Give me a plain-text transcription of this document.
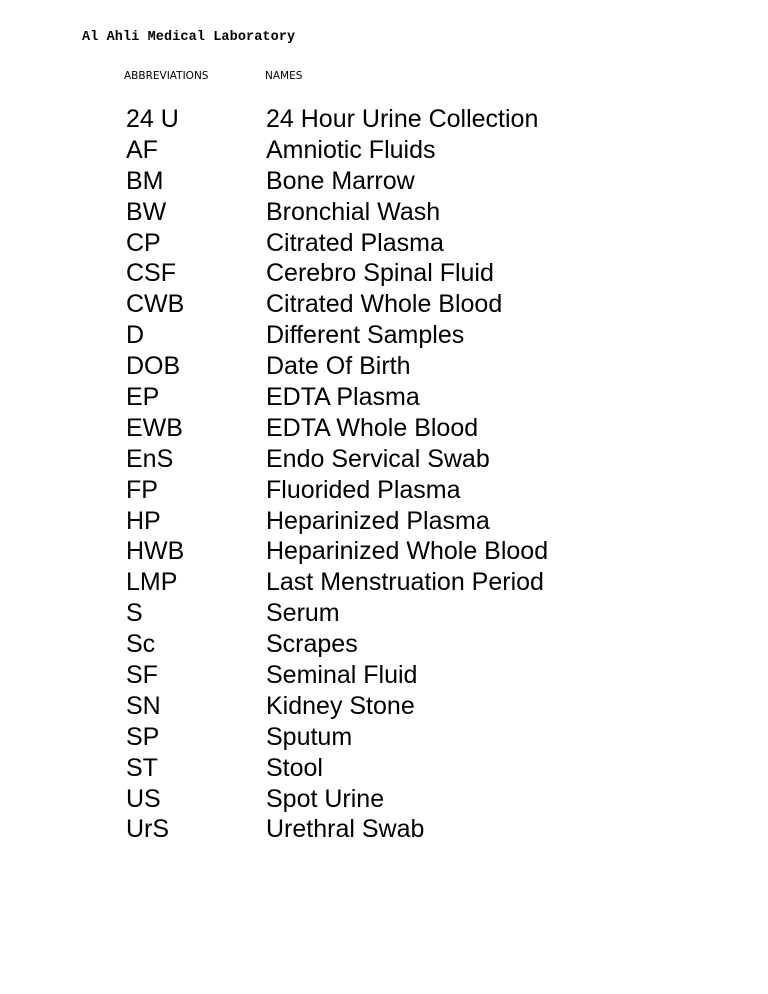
Al Ahli Medical Laboratory
ABBREVIATIONS	NAMES
24 U	24 Hour Urine Collection
AF	Amniotic Fluids
BM	Bone Marrow
BW	Bronchial Wash
CP	Citrated Plasma
CSF	Cerebro Spinal Fluid
CWB	Citrated Whole Blood
D	Different Samples
DOB	Date Of Birth
EP	EDTA Plasma
EWB	EDTA Whole Blood
EnS	Endo Servical Swab
FP	Fluorided Plasma
HP	Heparinized Plasma
HWB	Heparinized Whole Blood
LMP	Last Menstruation Period
S	Serum
Sc	Scrapes
SF	Seminal Fluid
SN	Kidney Stone
SP	Sputum
ST	Stool
US	Spot Urine
UrS	Urethral Swab
